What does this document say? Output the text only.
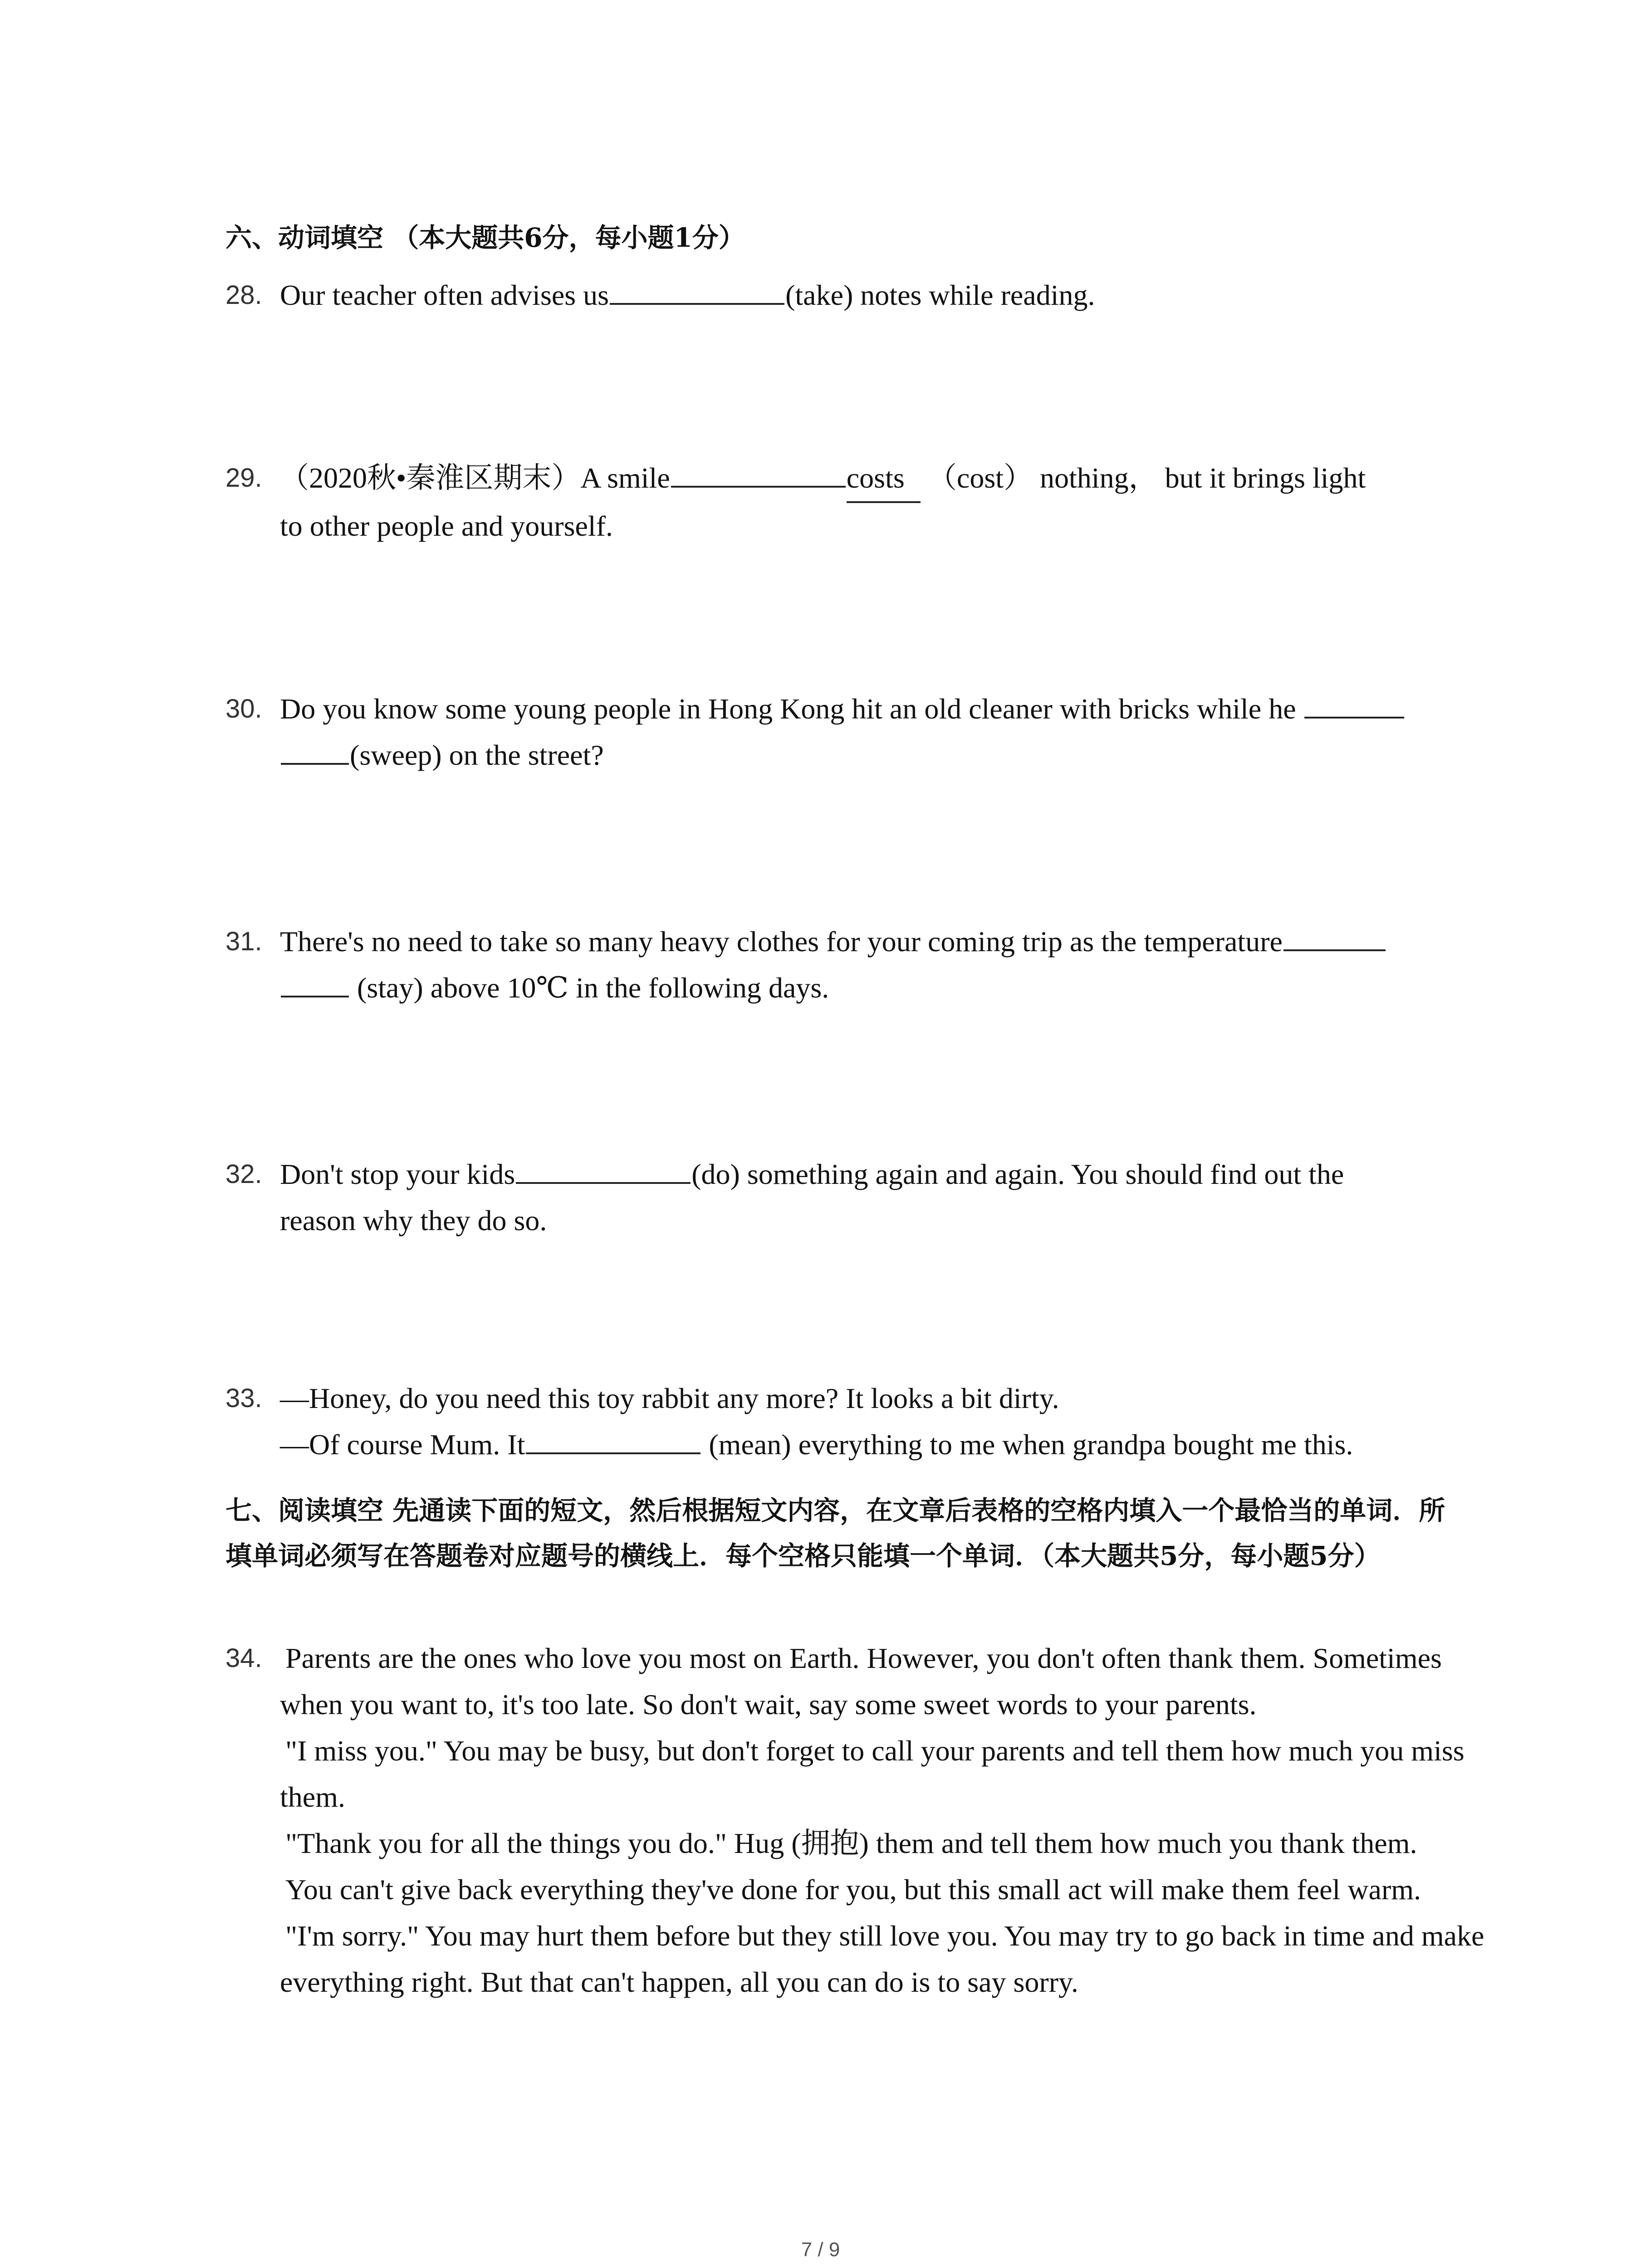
六、动词填空 （本大题共6分，每小题1分）
28. Our teacher often advises us	(take) notes while reading.
29. （2020秋•秦淮区期末）A smile	costs （cost） nothing， but it brings light
to other people and yourself.
30. Do you know some young people in Hong Kong hit an old cleaner with bricks while he
(sweep) on the street?
31. There's no need to take so many heavy clothes for your coming trip as the temperature
(stay) above 10℃ in the following days.
32. Don't stop your kids	(do) something again and again. You should find out the
reason why they do so.
33. —Honey, do you need this toy rabbit any more? It looks a bit dirty.
—Of course Mum. It	(mean) everything to me when grandpa bought me this.
七、阅读填空 先通读下面的短文，然后根据短文内容，在文章后表格的空格内填入一个最恰当的单词．所填单词必须写在答题卷对应题号的横线上．每个空格只能填一个单词．（本大题共5分，每小题5分）
34. Parents are the ones who love you most on Earth. However, you don't often thank them. Sometimes when you want to, it's too late. So don't wait, say some sweet words to your parents.
"I miss you." You may be busy, but don't forget to call your parents and tell them how much you miss them.
"Thank you for all the things you do." Hug (拥抱) them and tell them how much you thank them.
You can't give back everything they've done for you, but this small act will make them feel warm.
"I'm sorry." You may hurt them before but they still love you. You may try to go back in time and make everything right. But that can't happen, all you can do is to say sorry.
7 / 9
